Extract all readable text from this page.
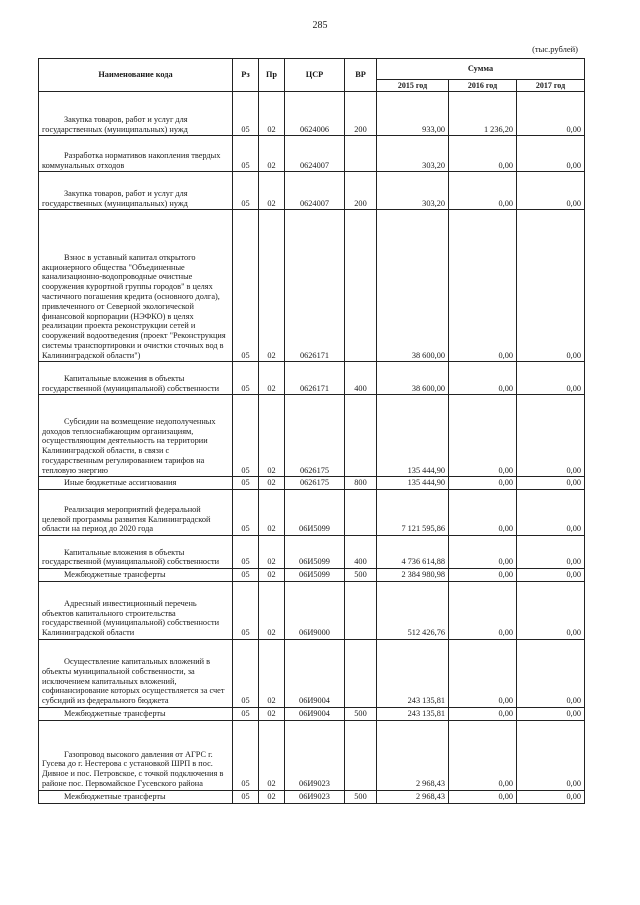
285
(тыс.рублей)
Наименование кода	Рз	Пр	ЦСР	ВР	Сумма		
					2015 год	2016 год	2017 год

Закупка товаров, работ и услуг для государственных (муниципальных) нужд	05	02	0624006	200	933,00	1 236,20	0,00

Разработка нормативов накопления твердых коммунальных отходов	05	02	0624007		303,20	0,00	0,00

Закупка товаров, работ и услуг для государственных (муниципальных) нужд	05	02	0624007	200	303,20	0,00	0,00

Взнос в уставный капитал открытого акционерного общества "Объединенные канализационно-водопроводные очистные сооружения курортной группы городов" в целях частичного погашения кредита (основного долга), привлеченного от Северной экологической финансовой корпорации (НЭФКО) в целях реализации проекта реконструкции сетей и сооружений водоотведения (проект "Реконструкция системы транспортировки и очистки сточных вод в Калининградской области")	05	02	0626171		38 600,00	0,00	0,00

Капитальные вложения в объекты государственной (муниципальной) собственности	05	02	0626171	400	38 600,00	0,00	0,00

Субсидии на возмещение недополученных доходов теплоснабжающим организациям, осуществляющим деятельность на территории Калининградской области, в связи с государственным регулированием тарифов на тепловую энергию	05	02	0626175		135 444,90	0,00	0,00

Иные бюджетные ассигнования	05	02	0626175	800	135 444,90	0,00	0,00

Реализация мероприятий федеральной целевой программы развития Калининградской области на период до 2020 года	05	02	06И5099		7 121 595,86	0,00	0,00

Капитальные вложения в объекты государственной (муниципальной) собственности	05	02	06И5099	400	4 736 614,88	0,00	0,00

Межбюджетные трансферты	05	02	06И5099	500	2 384 980,98	0,00	0,00

Адресный инвестиционный перечень объектов капитального строительства государственной (муниципальной) собственности Калининградской области	05	02	06И9000		512 426,76	0,00	0,00

Осуществление капитальных вложений в объекты муниципальной собственности, за исключением капитальных вложений, софинансирование которых осуществляется за счет субсидий из федерального бюджета	05	02	06И9004		243 135,81	0,00	0,00

Межбюджетные трансферты	05	02	06И9004	500	243 135,81	0,00	0,00

Газопровод высокого давления от АГРС г. Гусева до г. Нестерова с установкой ШРП в пос. Дивное и пос. Петровское, с точкой подключения в районе пос. Первомайское Гусевского района	05	02	06И9023		2 968,43	0,00	0,00

Межбюджетные трансферты	05	02	06И9023	500	2 968,43	0,00	0,00
